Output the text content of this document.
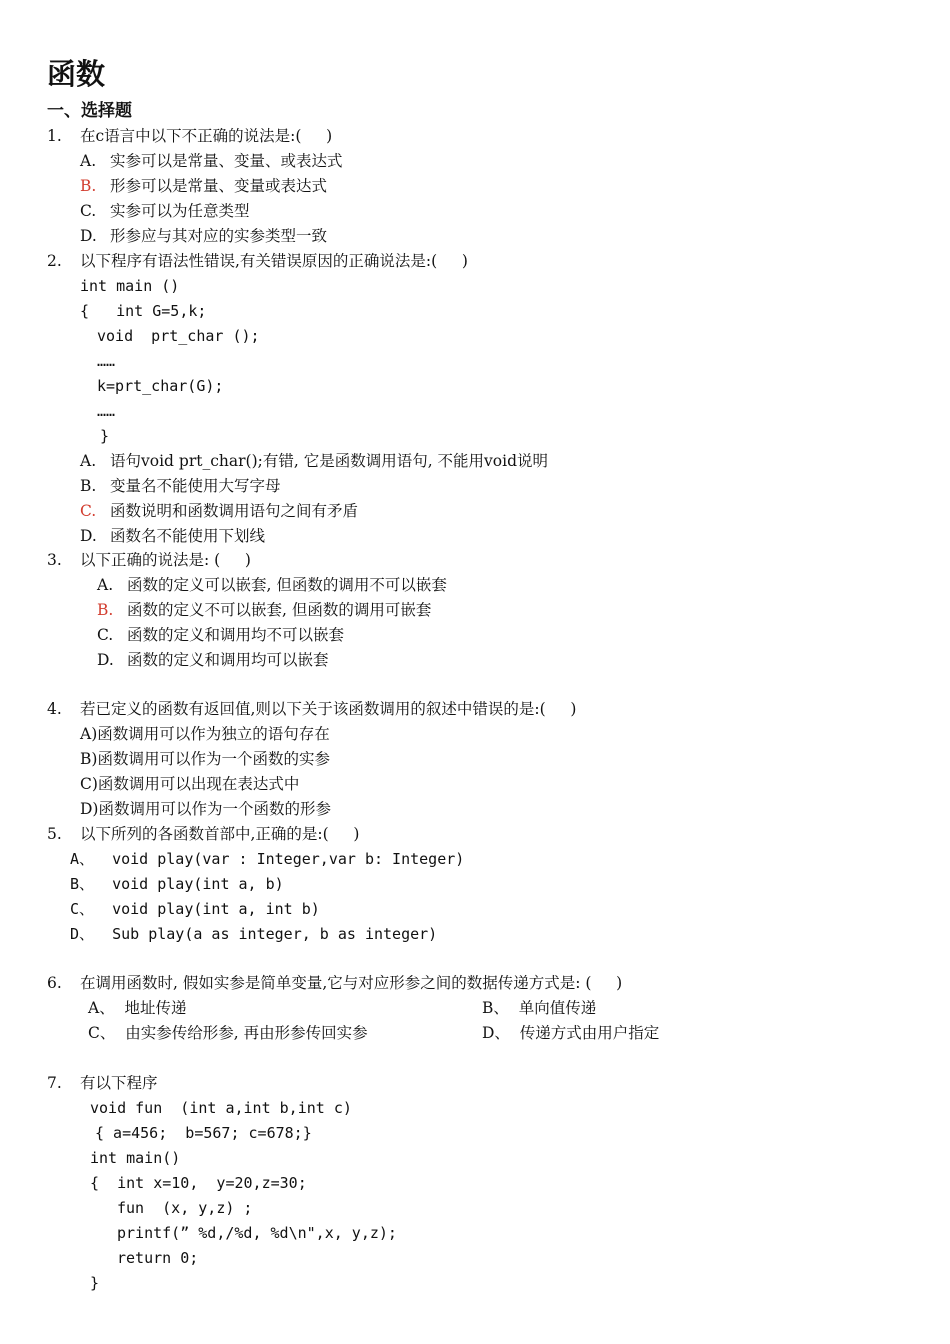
函数
一、选择题
1. 在c语言中以下不正确的说法是:(     )
A. 实参可以是常量、变量、或表达式
B. 形参可以是常量、变量或表达式
C. 实参可以为任意类型
D. 形参应与其对应的实参类型一致
2. 以下程序有语法性错误,有关错误原因的正确说法是:(     )
int main ()
{   int G=5,k;
void  prt_char ();
……
k=prt_char(G);
……
}
A. 语句void prt_char();有错, 它是函数调用语句, 不能用void说明
B. 变量名不能使用大写字母
C. 函数说明和函数调用语句之间有矛盾
D. 函数名不能使用下划线
3. 以下正确的说法是: (     )
A. 函数的定义可以嵌套, 但函数的调用不可以嵌套
B. 函数的定义不可以嵌套, 但函数的调用可嵌套
C. 函数的定义和调用均不可以嵌套
D. 函数的定义和调用均可以嵌套
4. 若已定义的函数有返回值,则以下关于该函数调用的叙述中错误的是:(     )
A)函数调用可以作为独立的语句存在
B)函数调用可以作为一个函数的实参
C)函数调用可以出现在表达式中
D)函数调用可以作为一个函数的形参
5. 以下所列的各函数首部中,正确的是:(     )
A、  void play(var : Integer,var b: Integer)
B、  void play(int a, b)
C、  void play(int a, int b)
D、  Sub play(a as integer, b as integer)
6. 在调用函数时, 假如实参是简单变量,它与对应形参之间的数据传递方式是: (     )
A、  地址传递	B、  单向值传递
C、  由实参传给形参, 再由形参传回实参	D、  传递方式由用户指定
7. 有以下程序
void fun  (int a,int b,int c)
{ a=456;  b=567; c=678;}
int main()
{  int x=10,  y=20,z=30;
fun  (x, y,z) ;
printf(” %d,/%d, %d\n",x, y,z);
return 0;
}
